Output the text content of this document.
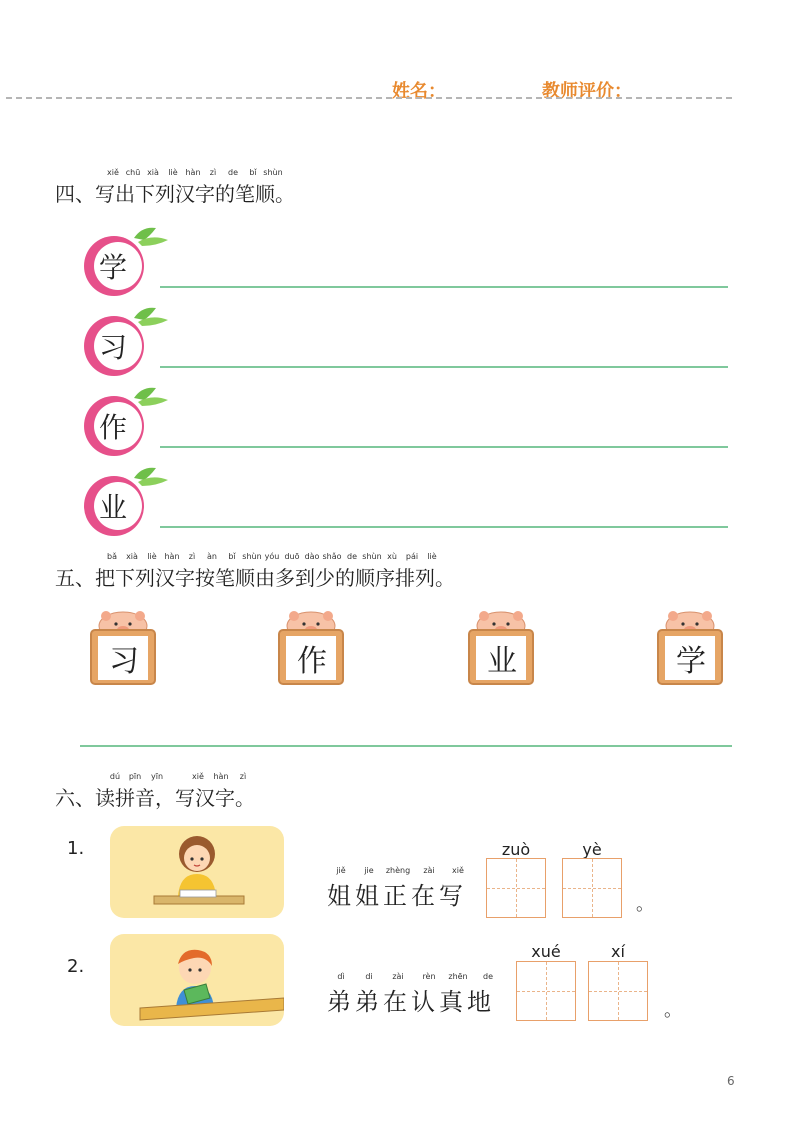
姓名：	教师评价：
xiě chū xià liè hàn zì de bǐ shùn
四、写出下列汉字的笔顺。
学
习
作
业
bǎ xià liè hàn zì àn bǐ shùn yóu duō dào shǎo de shùn xù pái liè
五、把下列汉字按笔顺由多到少的顺序排列。
习	作	业	学
dú pīn yīn	xiě hàn zì
六、读拼音，写汉字。
1.
jiě jie zhèng zài xiě
姐姐正在写
zuò	yè
。
2.	dì	di zài rèn zhēn de
弟弟在认真地
xué	xí
。
6
